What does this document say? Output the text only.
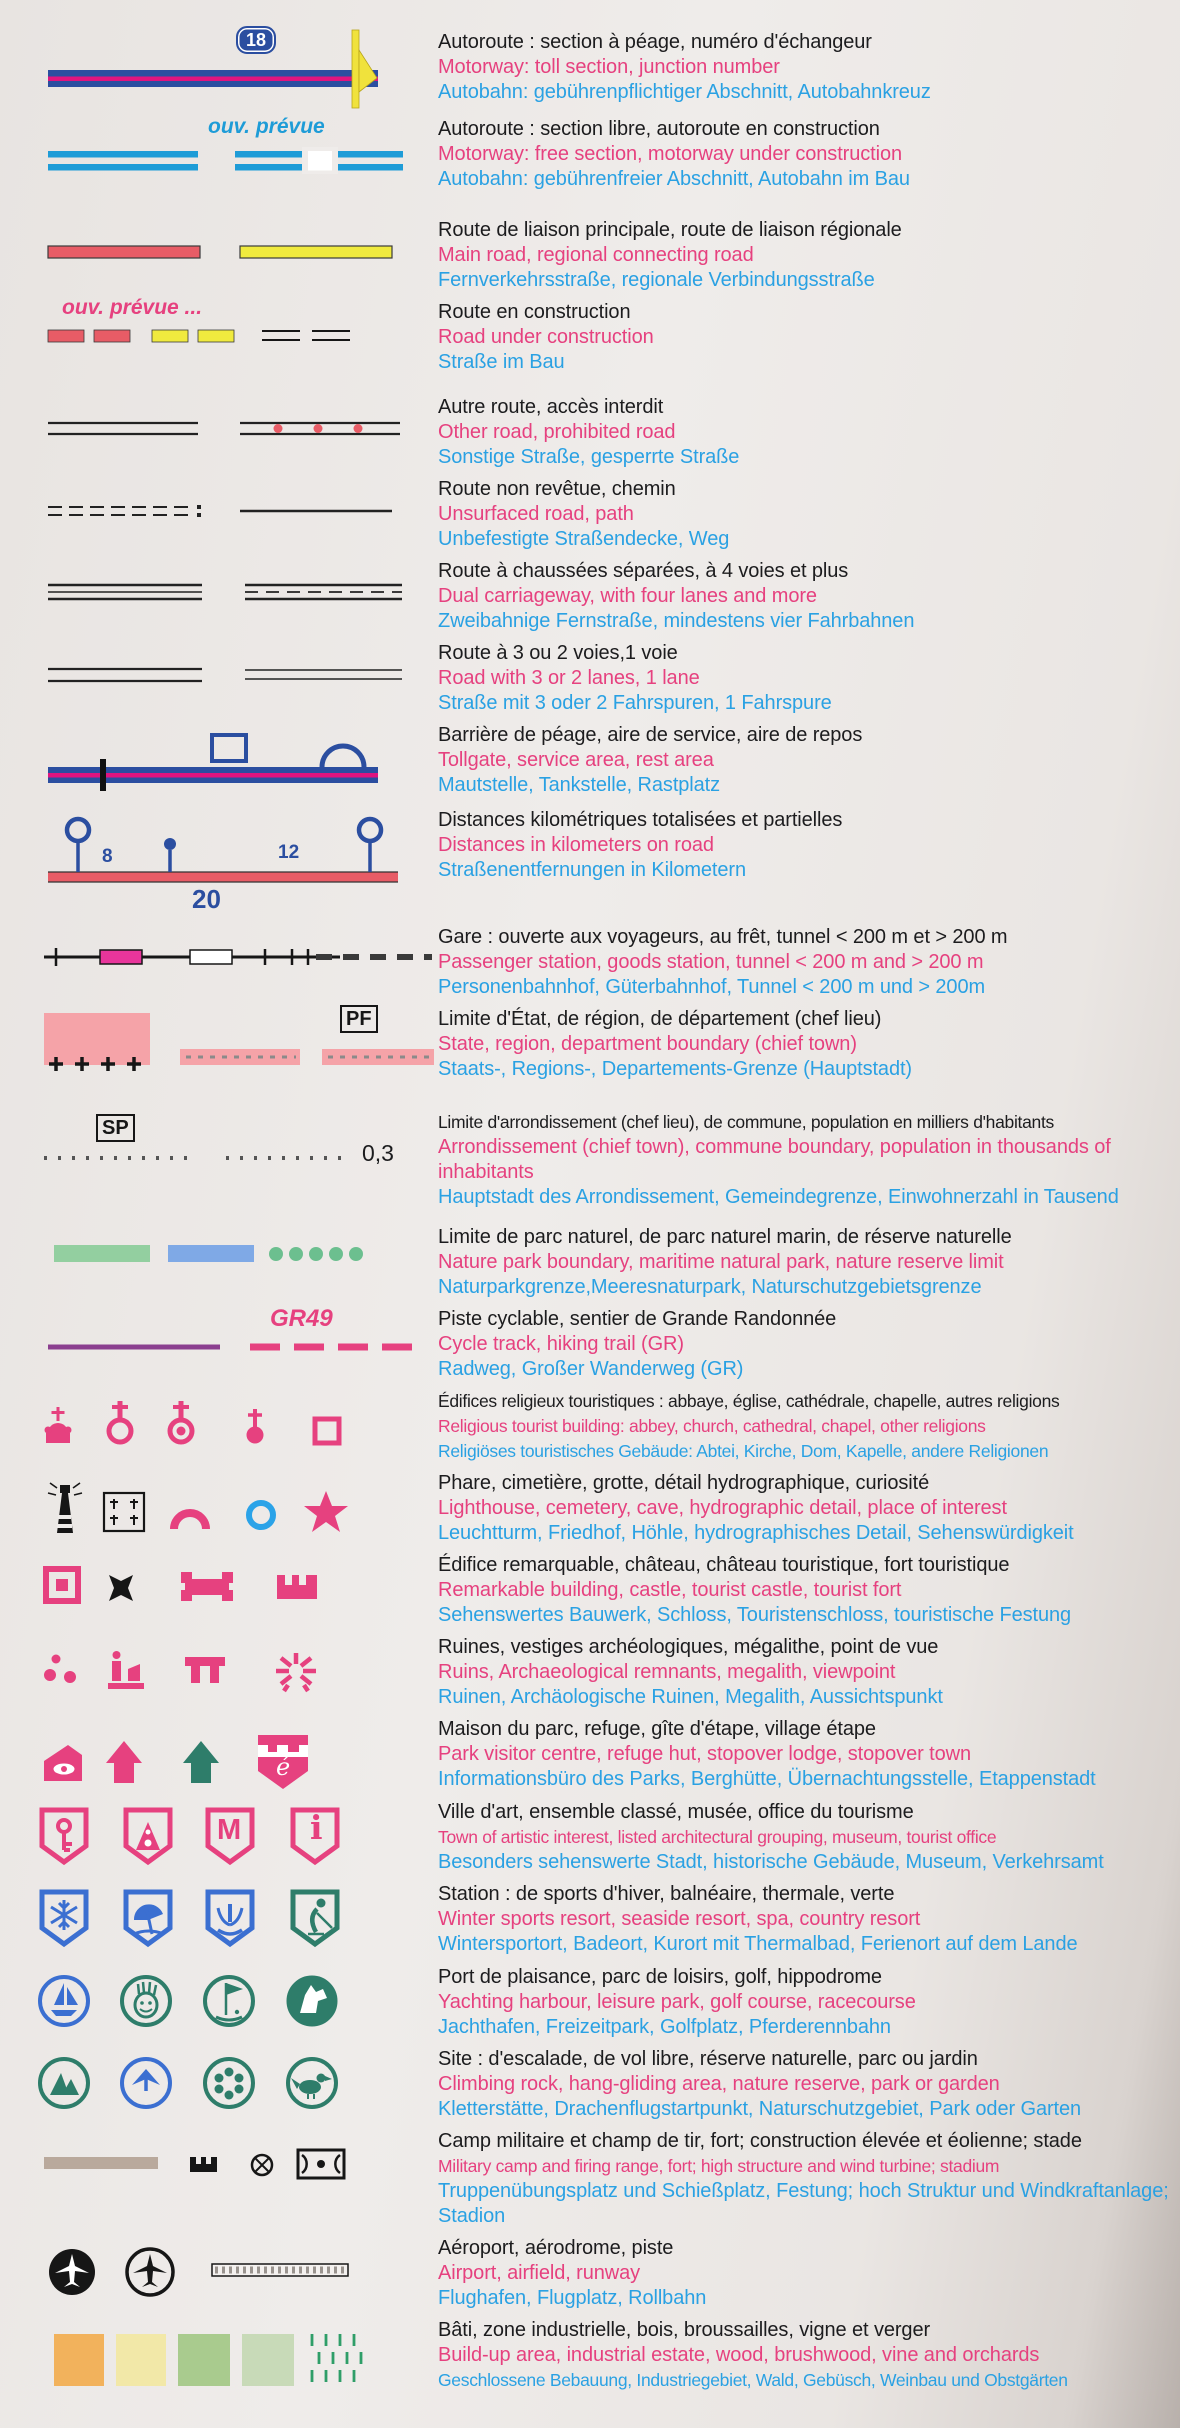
18	Autoroute : section à péage, numéro d'échangeur
Motorway: toll section, junction number
Autobahn: gebührenpflichtiger Abschnitt, Autobahnkreuz
ouv. prévue	Autoroute : section libre, autoroute en construction
Motorway: free section, motorway under construction
Autobahn: gebührenfreier Abschnitt, Autobahn im Bau
Route de liaison principale, route de liaison régionale
Main road, regional connecting road
Fernverkehrsstraße, regionale Verbindungsstraße
ouv. prévue ...	Route en construction
Road under construction
Straße im Bau
Autre route, accès interdit
Other road, prohibited road
Sonstige Straße, gesperrte Straße
Route non revêtue, chemin
Unsurfaced road, path
Unbefestigte Straßendecke, Weg
Route à chaussées séparées, à 4 voies et plus
Dual carriageway, with four lanes and more
Zweibahnige Fernstraße, mindestens vier Fahrbahnen
Route à 3 ou 2 voies,1 voie
Road with 3 or 2 lanes, 1 lane
Straße mit 3 oder 2 Fahrspuren, 1 Fahrspure
Barrière de péage, aire de service, aire de repos
Tollgate, service area, rest area
Mautstelle, Tankstelle, Rastplatz
8	12
20
Distances kilométriques totalisées et partielles
Distances in kilometers on road
Straßenentfernungen in Kilometern
Gare : ouverte aux voyageurs, au frêt, tunnel < 200 m et > 200 m
Passenger station, goods station, tunnel < 200 m and > 200 m
Personenbahnhof, Güterbahnhof, Tunnel < 200 m und > 200m
PF	Limite d'État, de région, de département (chef lieu)
State, region, department boundary (chief town)
Staats-, Regions-, Departements-Grenze (Hauptstadt)
SP
0,3
Limite d'arrondissement (chef lieu), de commune, population en milliers d'habitants
Arrondissement (chief town), commune boundary, population in thousands of inhabitants
Hauptstadt des Arrondissement, Gemeindegrenze, Einwohnerzahl in Tausend
Limite de parc naturel, de parc naturel marin, de réserve naturelle
Nature park boundary, maritime natural park, nature reserve limit
Naturparkgrenze,Meeresnaturpark, Naturschutzgebietsgrenze
GR49	Piste cyclable, sentier de Grande Randonnée
Cycle track, hiking trail (GR)
Radweg, Großer Wanderweg (GR)
Édifices religieux touristiques : abbaye, église, cathédrale, chapelle, autres religions
Religious tourist building: abbey, church, cathedral, chapel, other religions
Religiöses touristisches Gebäude: Abtei, Kirche, Dom, Kapelle, andere Religionen
Phare, cimetière, grotte, détail hydrographique, curiosité
Lighthouse, cemetery, cave, hydrographic detail, place of interest
Leuchtturm, Friedhof, Höhle, hydrographisches Detail, Sehenswürdigkeit
Édifice remarquable, château, château touristique, fort touristique
Remarkable building, castle, tourist castle, tourist fort
Sehenswertes Bauwerk, Schloss, Touristenschloss, touristische Festung
Ruines, vestiges archéologiques, mégalithe, point de vue
Ruins, Archaeological remnants, megalith, viewpoint
Ruinen, Archäologische Ruinen, Megalith, Aussichtspunkt
é
Maison du parc, refuge, gîte d'étape, village étape
Park visitor centre, refuge hut, stopover lodge, stopover town
Informationsbüro des Parks, Berghütte, Übernachtungsstelle, Etappenstadt
M i	Ville d'art, ensemble classé, musée, office du tourisme
Town of artistic interest, listed architectural grouping, museum, tourist office
Besonders sehenswerte Stadt, historische Gebäude, Museum, Verkehrsamt
Station : de sports d'hiver, balnéaire, thermale, verte
Winter sports resort, seaside resort, spa, country resort
Wintersportort, Badeort, Kurort mit Thermalbad, Ferienort auf dem Lande
Port de plaisance, parc de loisirs, golf, hippodrome
Yachting harbour, leisure park, golf course, racecourse
Jachthafen, Freizeitpark, Golfplatz, Pferderennbahn
Site : d'escalade, de vol libre, réserve naturelle, parc ou jardin
Climbing rock, hang-gliding area, nature reserve, park or garden
Kletterstätte, Drachenflugstartpunkt, Naturschutzgebiet, Park oder Garten
Camp militaire et champ de tir, fort; construction élevée et éolienne; stade
Military camp and firing range, fort; high structure and wind turbine; stadium
Truppenübungsplatz und Schießplatz, Festung; hoch Struktur und Windkraftanlage; Stadion
Aéroport, aérodrome, piste
Airport, airfield, runway
Flughafen, Flugplatz, Rollbahn
Bâti, zone industrielle, bois, broussailles, vigne et verger
Build-up area, industrial estate, wood, brushwood, vine and orchards
Geschlossene Bebauung, Industriegebiet, Wald, Gebüsch, Weinbau und Obstgärten
